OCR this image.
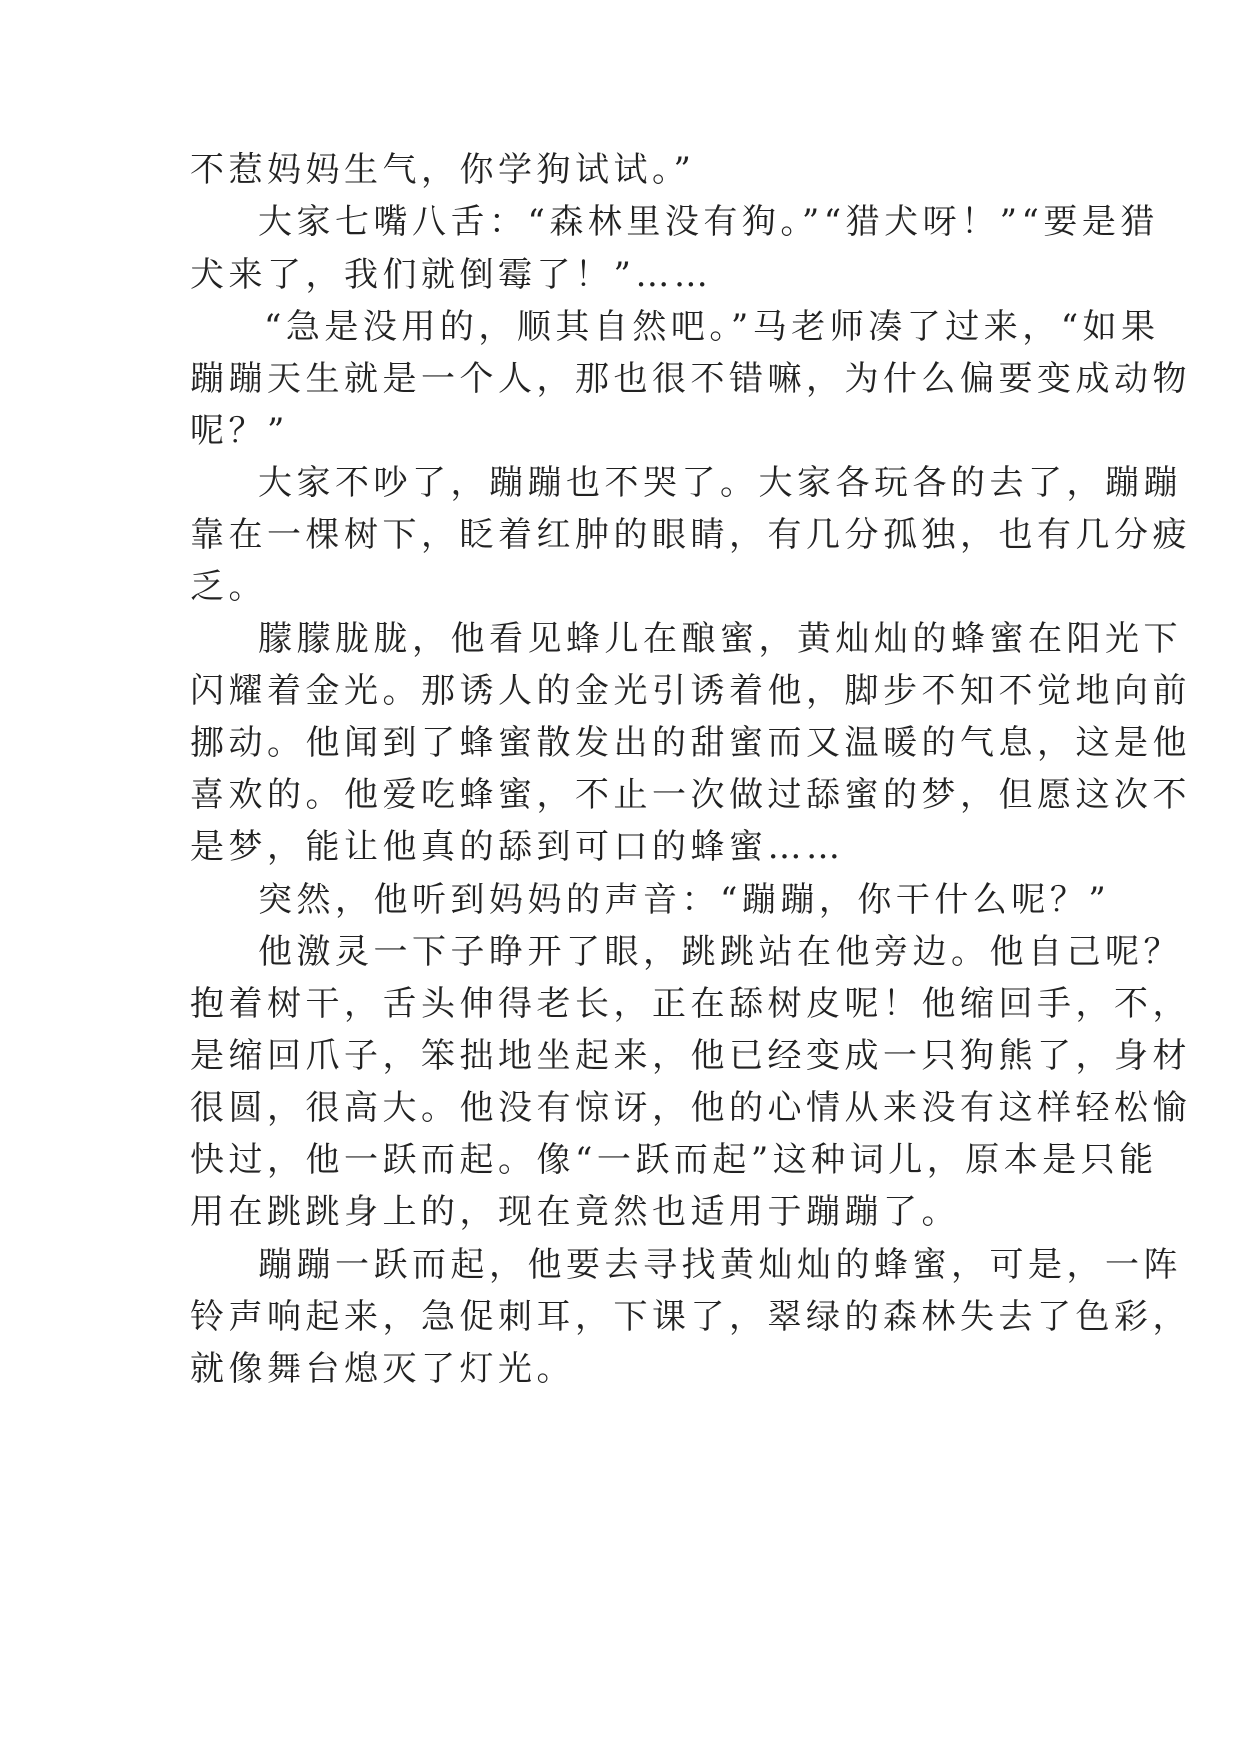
不惹妈妈生气，你学狗试试。”

大家七嘴八舌：“森林里没有狗。”“猎犬呀！”“要是猎

犬来了，我们就倒霉了！”……

“急是没用的，顺其自然吧。”马老师凑了过来，“如果

蹦蹦天生就是一个人，那也很不错嘛，为什么偏要变成动物

呢？”

大家不吵了，蹦蹦也不哭了。大家各玩各的去了，蹦蹦

靠在一棵树下，眨着红肿的眼睛，有几分孤独，也有几分疲

乏。

朦朦胧胧，他看见蜂儿在酿蜜，黄灿灿的蜂蜜在阳光下

闪耀着金光。那诱人的金光引诱着他，脚步不知不觉地向前

挪动。他闻到了蜂蜜散发出的甜蜜而又温暖的气息，这是他

喜欢的。他爱吃蜂蜜，不止一次做过舔蜜的梦，但愿这次不

是梦，能让他真的舔到可口的蜂蜜……

突然，他听到妈妈的声音：“蹦蹦，你干什么呢？”

他激灵一下子睁开了眼，跳跳站在他旁边。他自己呢？

抱着树干，舌头伸得老长，正在舔树皮呢！他缩回手，不，

是缩回爪子，笨拙地坐起来，他已经变成一只狗熊了，身材

很圆，很高大。他没有惊讶，他的心情从来没有这样轻松愉

快过，他一跃而起。像“一跃而起”这种词儿，原本是只能

用在跳跳身上的，现在竟然也适用于蹦蹦了。

蹦蹦一跃而起，他要去寻找黄灿灿的蜂蜜，可是，一阵

铃声响起来，急促刺耳，下课了，翠绿的森林失去了色彩，

就像舞台熄灭了灯光。
